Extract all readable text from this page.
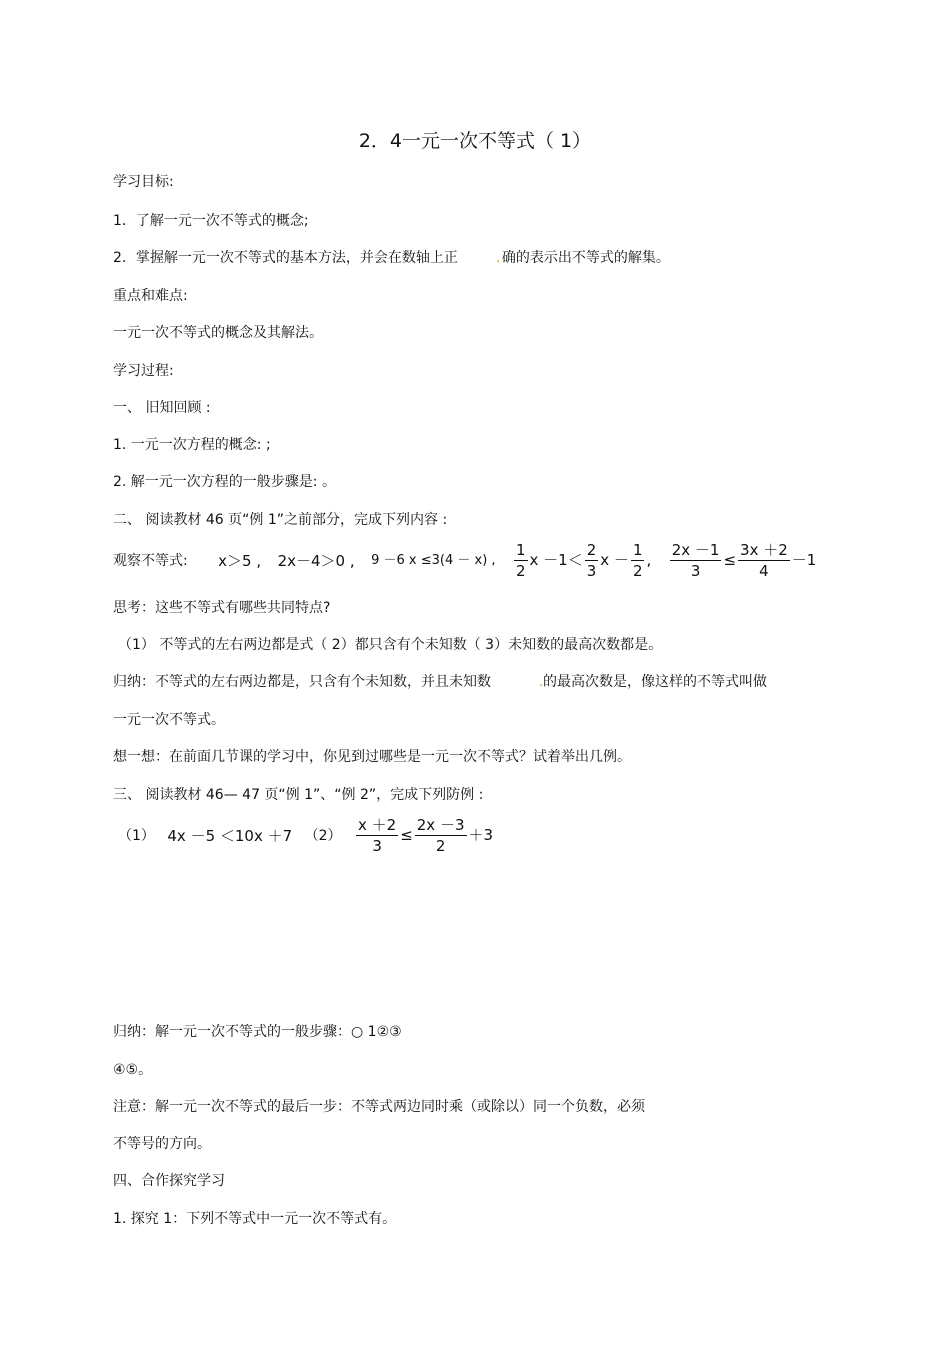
2．4一元一次不等式（ 1）
学习目标:
1．了解一元一次不等式的概念;
2．掌握解一元一次不等式的基本方法，并会在数轴上正	. 确的表示出不等式的解集。
重点和难点:
一元一次不等式的概念及其解法。
学习过程:
一、 旧知回顾 :
1. 一元一次方程的概念: ;
2. 解一元一次方程的一般步骤是: 。
二、 阅读教材 46 页“例 1”之前部分，完成下列内容 :
观察不等式: x＞5 , 2x－4＞0 , 9 －6 x ≤3(4 － x) , $\frac{1}{2}$ $x -1< \frac{2}{3}$ $x - \frac{1}{2}$ , $\frac{2x -1}{3} \le \frac{3x +2}{4} -1$
思考：这些不等式有哪些共同特点?
（1） 不等式的左右两边都是式（ 2）都只含有个未知数（ 3）未知数的最高次数都是。
归纳：不等式的左右两边都是，只含有个未知数，并且未知数	.的最高次数是，像这样的不等式叫做
一元一次不等式。
想一想：在前面几节课的学习中，你见到过哪些是一元一次不等式？试着举出几例。
三、 阅读教材 46— 47 页“例 1”、“例 2”，完成下列防例 :
（1） 4x －5 ＜10x ＋7 $(2) \frac{x +2}{3} \le \frac{2x -3}{2} +3$
归纳：解一元一次不等式的一般步骤：○ 1②③
④⑤。
注意：解一元一次不等式的最后一步：不等式两边同时乘（或除以）同一个负数，必须
不等号的方向。
四、合作探究学习
1. 探究 1：下列不等式中一元一次不等式有。
